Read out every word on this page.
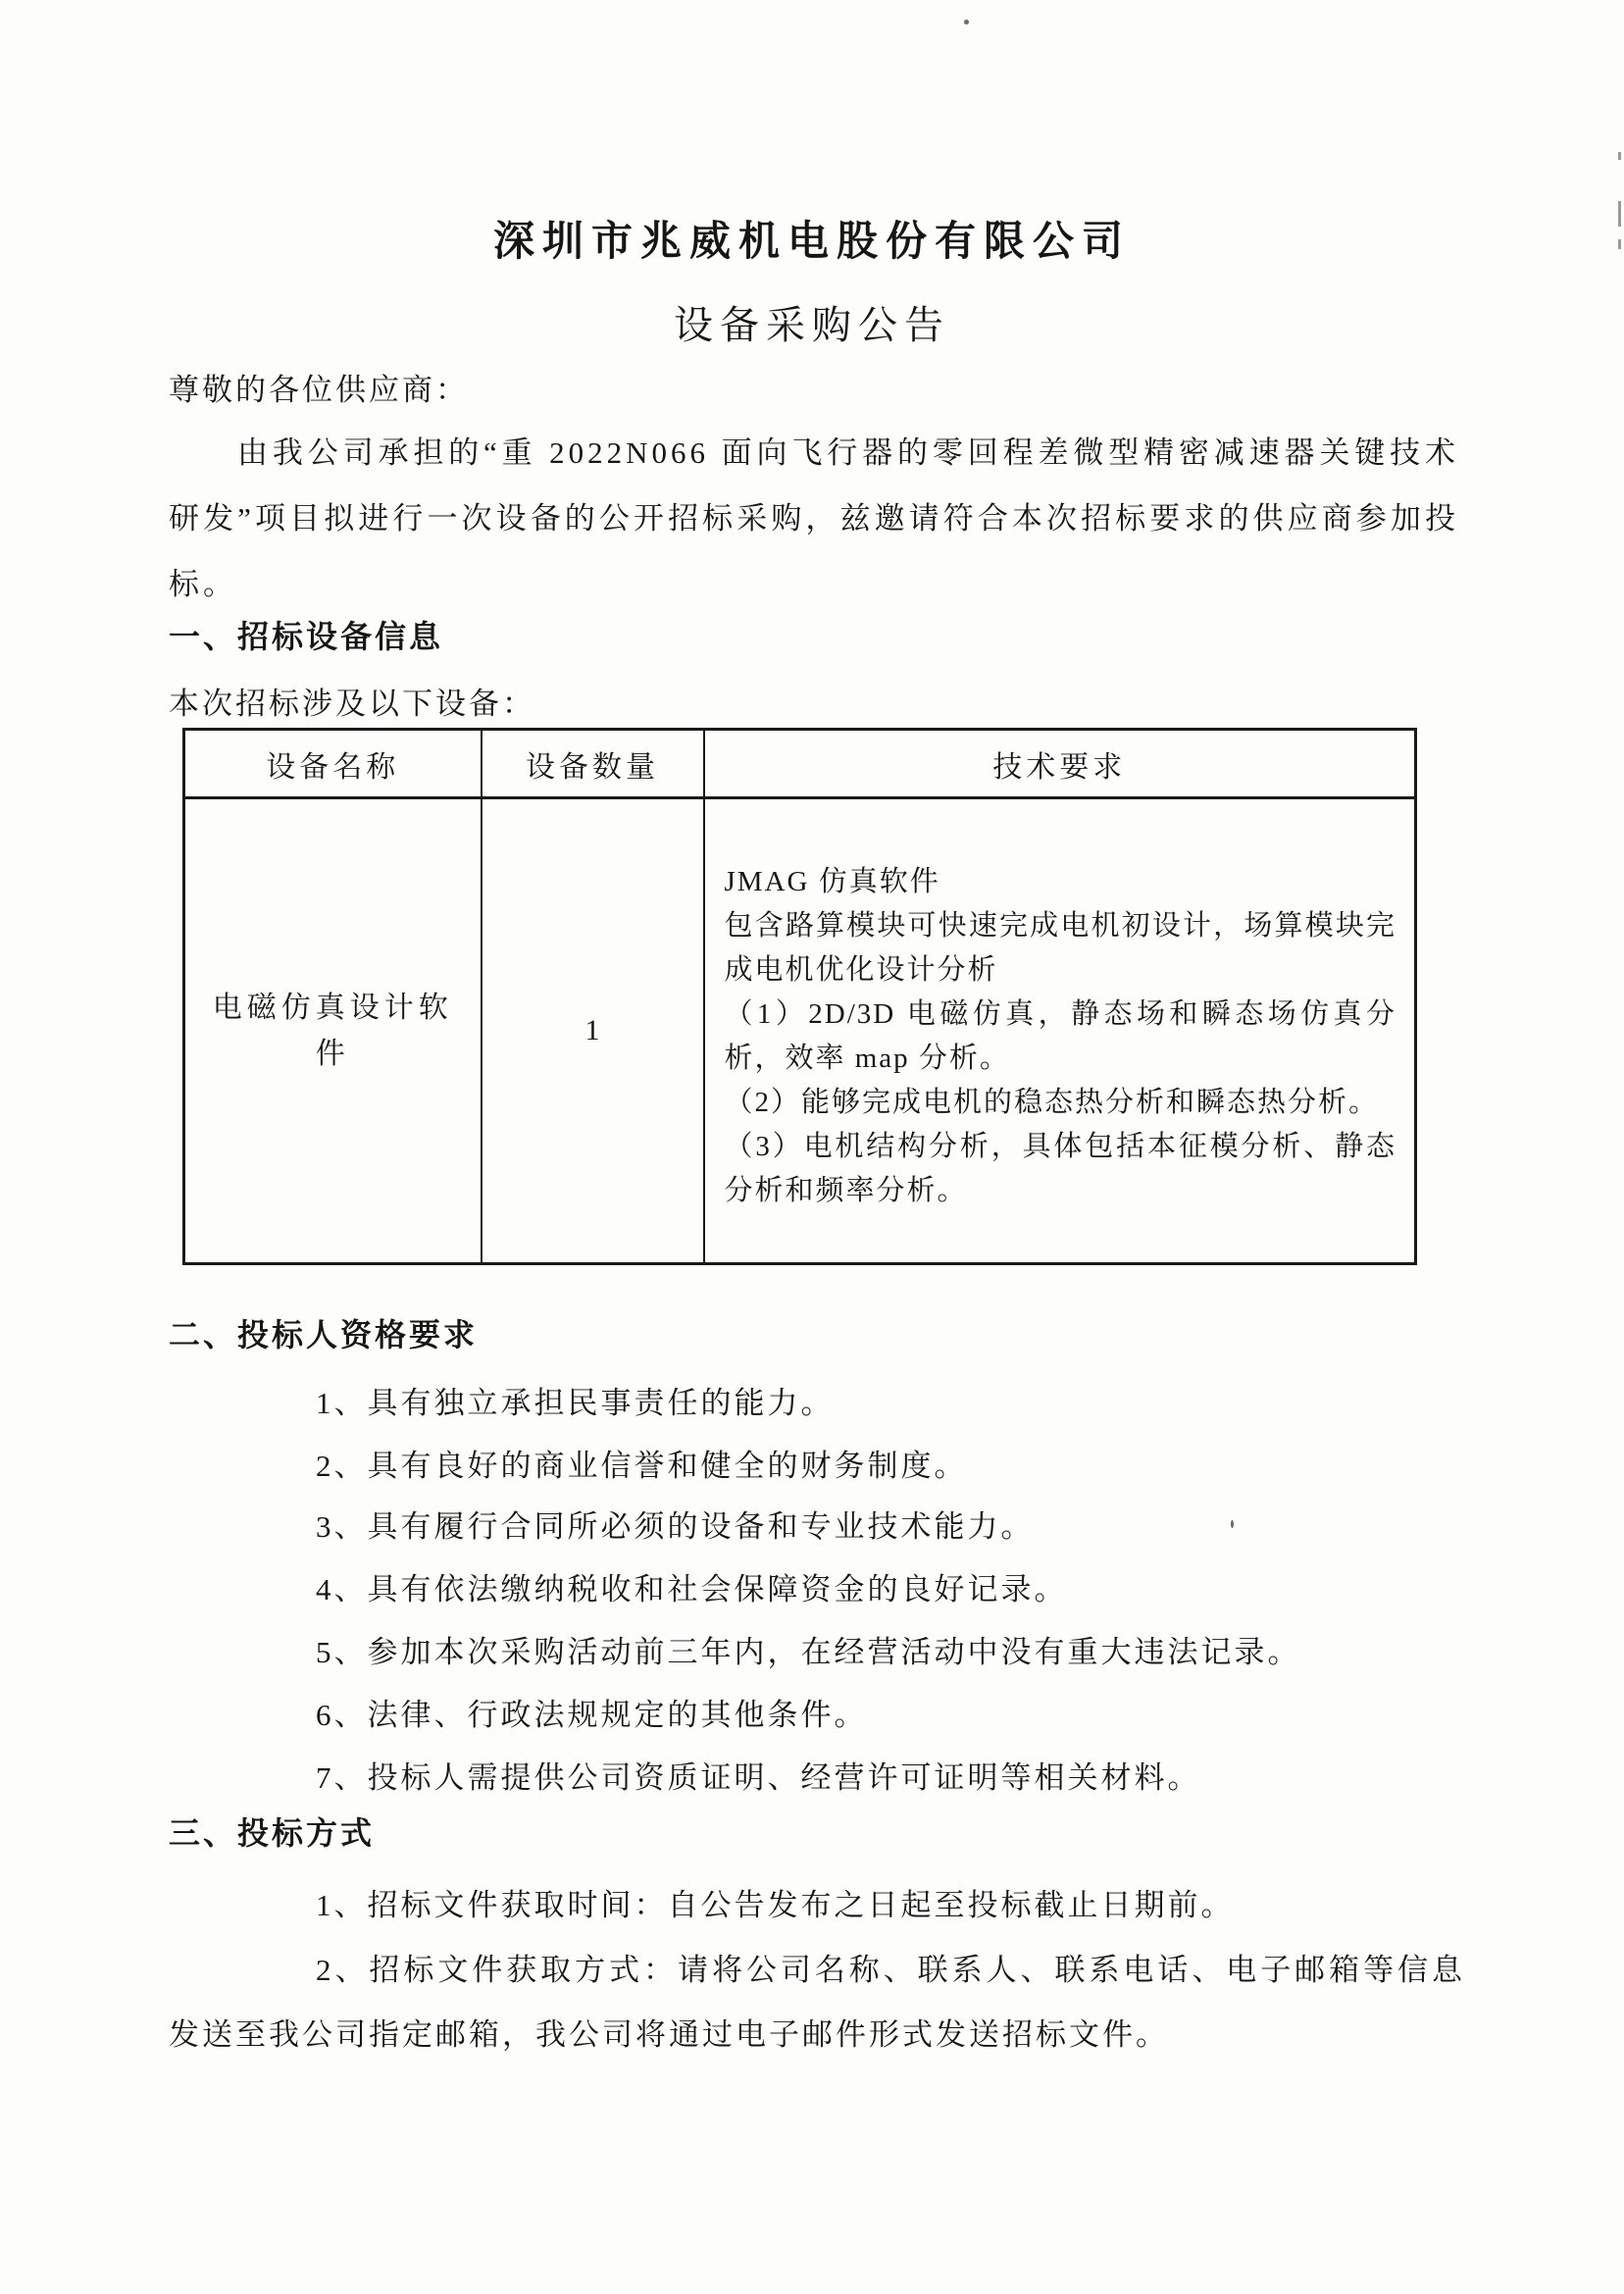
深圳市兆威机电股份有限公司
设备采购公告
尊敬的各位供应商：
由我公司承担的“重 2022N066 面向飞行器的零回程差微型精密减速器关键技术研发”项目拟进行一次设备的公开招标采购，兹邀请符合本次招标要求的供应商参加投标。
一、招标设备信息
本次招标涉及以下设备：
设备名称	设备数量	技术要求
电磁仿真设计软件	1	JMAG 仿真软件
包含路算模块可快速完成电机初设计，场算模块完成电机优化设计分析
（1）2D/3D 电磁仿真，静态场和瞬态场仿真分析，效率 map 分析。
（2）能够完成电机的稳态热分析和瞬态热分析。
（3）电机结构分析，具体包括本征模分析、静态分析和频率分析。
二、投标人资格要求
1、具有独立承担民事责任的能力。
2、具有良好的商业信誉和健全的财务制度。
3、具有履行合同所必须的设备和专业技术能力。
4、具有依法缴纳税收和社会保障资金的良好记录。
5、参加本次采购活动前三年内，在经营活动中没有重大违法记录。
6、法律、行政法规规定的其他条件。
7、投标人需提供公司资质证明、经营许可证明等相关材料。
三、投标方式
1、招标文件获取时间：自公告发布之日起至投标截止日期前。
2、招标文件获取方式：请将公司名称、联系人、联系电话、电子邮箱等信息发送至我公司指定邮箱，我公司将通过电子邮件形式发送招标文件。
